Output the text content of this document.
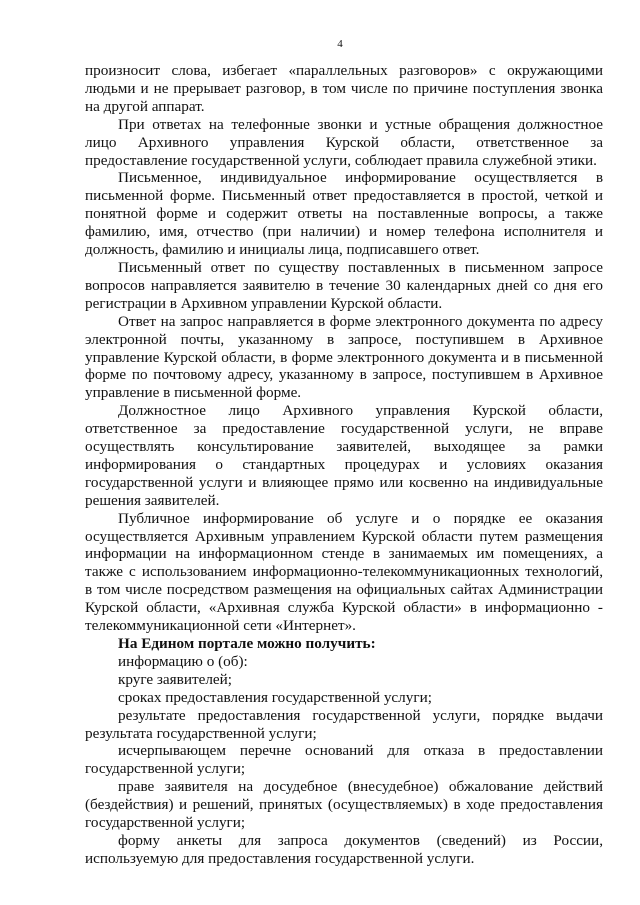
4

произносит слова, избегает «параллельных разговоров» с окружающими людьми и не прерывает разговор, в том числе по причине поступления звонка на другой аппарат.

При ответах на телефонные звонки и устные обращения должностное лицо Архивного управления Курской области, ответственное за предоставление государственной услуги, соблюдает правила служебной этики.

Письменное, индивидуальное информирование осуществляется в письменной форме. Письменный ответ предоставляется в простой, четкой и понятной форме и содержит ответы на поставленные вопросы, а также фамилию, имя, отчество (при наличии) и номер телефона исполнителя и должность, фамилию и инициалы лица, подписавшего ответ.

Письменный ответ по существу поставленных в письменном запросе вопросов направляется заявителю в течение 30 календарных дней со дня его регистрации в Архивном управлении Курской области.

Ответ на запрос направляется в форме электронного документа по адресу электронной почты, указанному в запросе, поступившем в Архивное управление Курской области, в форме электронного документа и в письменной форме по почтовому адресу, указанному в запросе, поступившем в Архивное управление в письменной форме.

Должностное лицо Архивного управления Курской области, ответственное за предоставление государственной услуги, не вправе осуществлять консультирование заявителей, выходящее за рамки информирования о стандартных процедурах и условиях оказания государственной услуги и влияющее прямо или косвенно на индивидуальные решения заявителей.

Публичное информирование об услуге и о порядке ее оказания осуществляется Архивным управлением Курской области путем размещения информации на информационном стенде в занимаемых им помещениях, а также с использованием информационно-телекоммуникационных технологий, в том числе посредством размещения на официальных сайтах Администрации Курской области, «Архивная служба Курской области» в информационно - телекоммуникационной сети «Интернет».

На Едином портале можно получить:

информацию о (об):

круге заявителей;

сроках предоставления государственной услуги;

результате предоставления государственной услуги, порядке выдачи результата государственной услуги;

исчерпывающем перечне оснований для отказа в предоставлении государственной услуги;

праве заявителя на досудебное (внесудебное) обжалование действий (бездействия) и решений, принятых (осуществляемых) в ходе предоставления государственной услуги;

форму анкеты для запроса документов (сведений) из России, используемую для предоставления государственной услуги.
